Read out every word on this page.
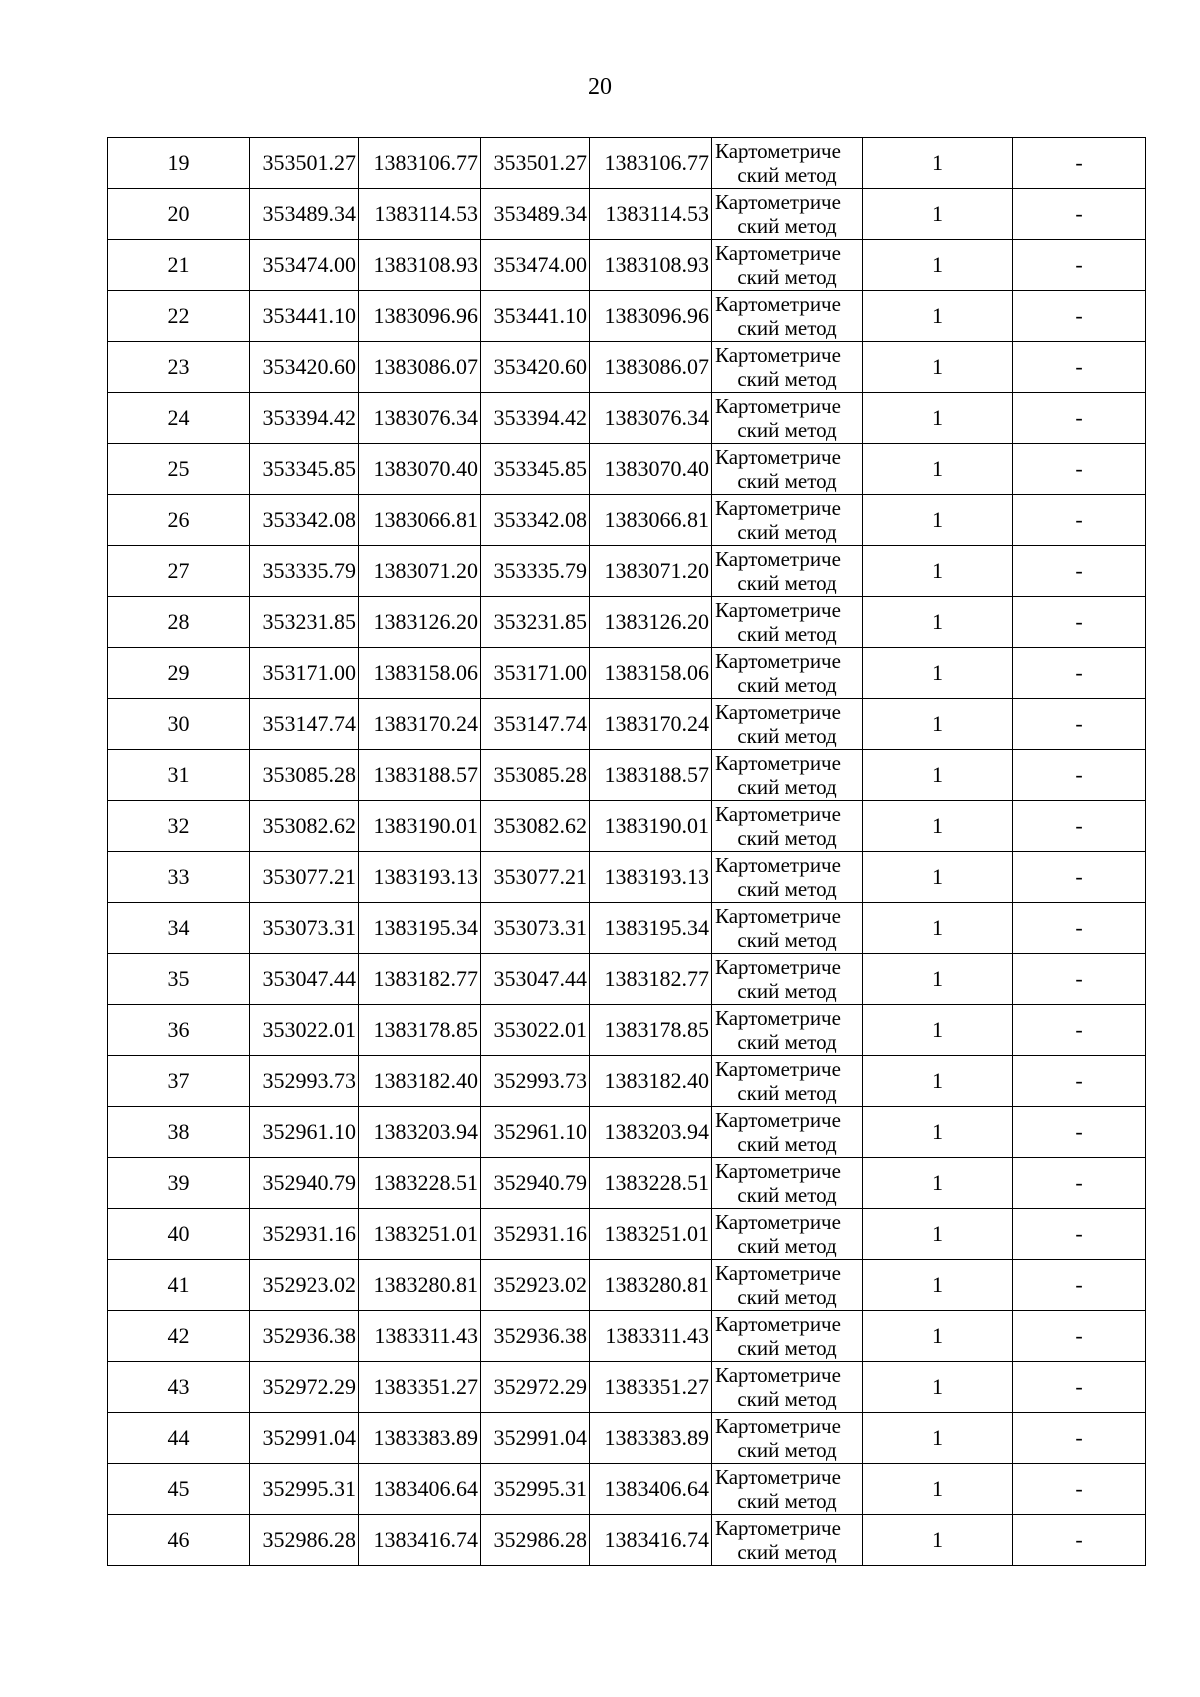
20
19	353501.27	1383106.77	353501.27	1383106.77	Картометриче
ский метод	1	-
20	353489.34	1383114.53	353489.34	1383114.53	Картометриче
ский метод	1	-
21	353474.00	1383108.93	353474.00	1383108.93	Картометриче
ский метод	1	-
22	353441.10	1383096.96	353441.10	1383096.96	Картометриче
ский метод	1	-
23	353420.60	1383086.07	353420.60	1383086.07	Картометриче
ский метод	1	-
24	353394.42	1383076.34	353394.42	1383076.34	Картометриче
ский метод	1	-
25	353345.85	1383070.40	353345.85	1383070.40	Картометриче
ский метод	1	-
26	353342.08	1383066.81	353342.08	1383066.81	Картометриче
ский метод	1	-
27	353335.79	1383071.20	353335.79	1383071.20	Картометриче
ский метод	1	-
28	353231.85	1383126.20	353231.85	1383126.20	Картометриче
ский метод	1	-
29	353171.00	1383158.06	353171.00	1383158.06	Картометриче
ский метод	1	-
30	353147.74	1383170.24	353147.74	1383170.24	Картометриче
ский метод	1	-
31	353085.28	1383188.57	353085.28	1383188.57	Картометриче
ский метод	1	-
32	353082.62	1383190.01	353082.62	1383190.01	Картометриче
ский метод	1	-
33	353077.21	1383193.13	353077.21	1383193.13	Картометриче
ский метод	1	-
34	353073.31	1383195.34	353073.31	1383195.34	Картометриче
ский метод	1	-
35	353047.44	1383182.77	353047.44	1383182.77	Картометриче
ский метод	1	-
36	353022.01	1383178.85	353022.01	1383178.85	Картометриче
ский метод	1	-
37	352993.73	1383182.40	352993.73	1383182.40	Картометриче
ский метод	1	-
38	352961.10	1383203.94	352961.10	1383203.94	Картометриче
ский метод	1	-
39	352940.79	1383228.51	352940.79	1383228.51	Картометриче
ский метод	1	-
40	352931.16	1383251.01	352931.16	1383251.01	Картометриче
ский метод	1	-
41	352923.02	1383280.81	352923.02	1383280.81	Картометриче
ский метод	1	-
42	352936.38	1383311.43	352936.38	1383311.43	Картометриче
ский метод	1	-
43	352972.29	1383351.27	352972.29	1383351.27	Картометриче
ский метод	1	-
44	352991.04	1383383.89	352991.04	1383383.89	Картометриче
ский метод	1	-
45	352995.31	1383406.64	352995.31	1383406.64	Картометриче
ский метод	1	-
46	352986.28	1383416.74	352986.28	1383416.74	Картометриче
ский метод	1	-
